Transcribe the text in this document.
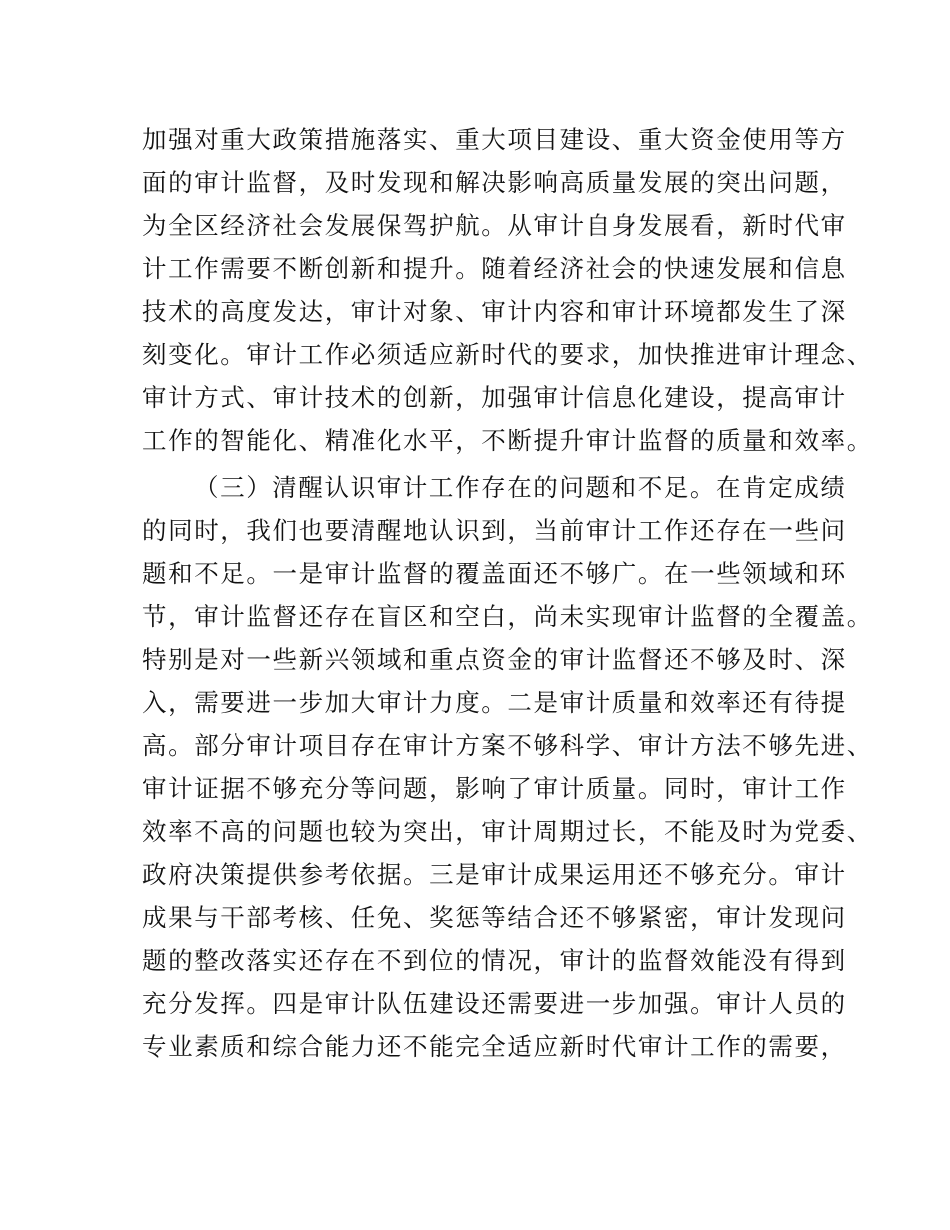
加强对重大政策措施落实、重大项目建设、重大资金使用等方
面的审计监督，及时发现和解决影响高质量发展的突出问题，
为全区经济社会发展保驾护航。从审计自身发展看，新时代审
计工作需要不断创新和提升。随着经济社会的快速发展和信息
技术的高度发达，审计对象、审计内容和审计环境都发生了深
刻变化。审计工作必须适应新时代的要求，加快推进审计理念、
审计方式、审计技术的创新，加强审计信息化建设，提高审计
工作的智能化、精准化水平，不断提升审计监督的质量和效率。
（三）清醒认识审计工作存在的问题和不足。在肯定成绩
的同时，我们也要清醒地认识到，当前审计工作还存在一些问
题和不足。一是审计监督的覆盖面还不够广。在一些领域和环
节，审计监督还存在盲区和空白，尚未实现审计监督的全覆盖。
特别是对一些新兴领域和重点资金的审计监督还不够及时、深
入，需要进一步加大审计力度。二是审计质量和效率还有待提
高。部分审计项目存在审计方案不够科学、审计方法不够先进、
审计证据不够充分等问题，影响了审计质量。同时，审计工作
效率不高的问题也较为突出，审计周期过长，不能及时为党委、
政府决策提供参考依据。三是审计成果运用还不够充分。审计
成果与干部考核、任免、奖惩等结合还不够紧密，审计发现问
题的整改落实还存在不到位的情况，审计的监督效能没有得到
充分发挥。四是审计队伍建设还需要进一步加强。审计人员的
专业素质和综合能力还不能完全适应新时代审计工作的需要，
